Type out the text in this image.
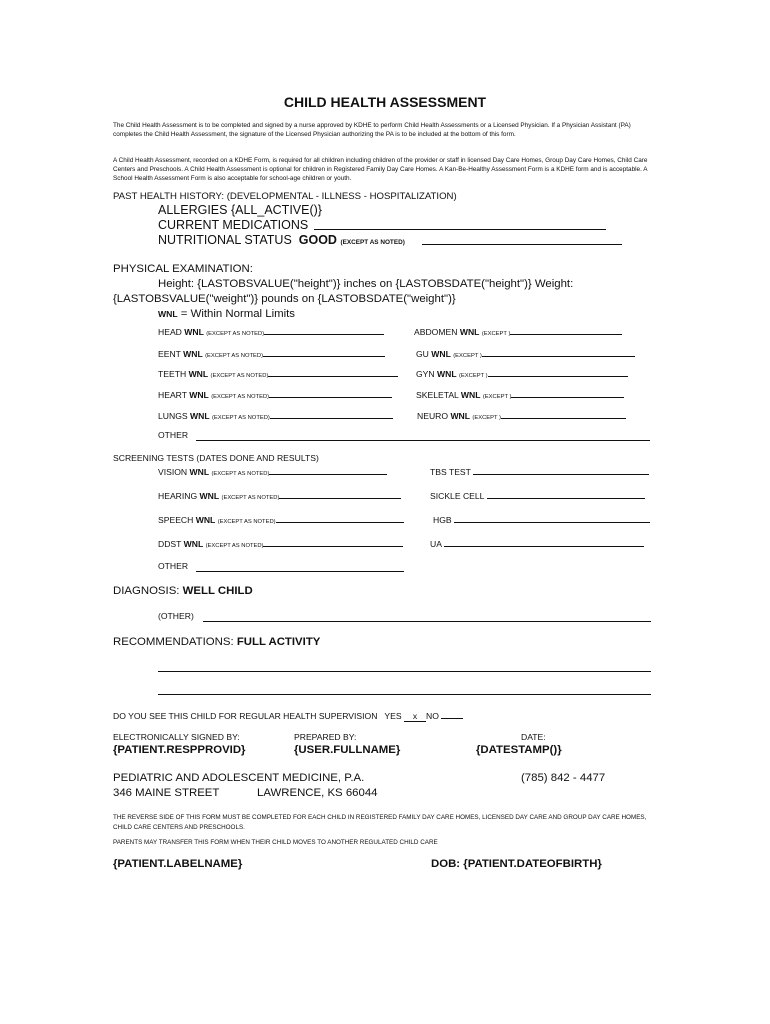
CHILD HEALTH ASSESSMENT
The Child Health Assessment is to be completed and signed by a nurse approved by KDHE to perform Child Health Assessments or a Licensed Physician. If a Physician Assistant (PA) completes the Child Health Assessment, the signature of the Licensed Physician authorizing the PA is to be included at the bottom of this form.
A Child Health Assessment, recorded on a KDHE Form, is required for all children including children of the provider or staff in licensed Day Care Homes, Group Day Care Homes, Child Care Centers and Preschools. A Child Health Assessment is optional for children in Registered Family Day Care Homes. A Kan-Be-Healthy Assessment Form is a KDHE form and is acceptable. A School Health Assessment Form is also acceptable for school-age children or youth.
PAST HEALTH HISTORY: (DEVELOPMENTAL - ILLNESS - HOSPITALIZATION)
ALLERGIES {ALL_ACTIVE()}
CURRENT MEDICATIONS
NUTRITIONAL STATUS GOOD (EXCEPT AS NOTED)
PHYSICAL EXAMINATION:
Height: {LASTOBSVALUE("height")} inches on {LASTOBSDATE("height")} Weight:
{LASTOBSVALUE("weight")} pounds on {LASTOBSDATE("weight")}
WNL = Within Normal Limits
HEAD WNL (EXCEPT AS NOTED)	ABDOMEN WNL (EXCEPT )
EENT WNL (EXCEPT AS NOTED)	GU WNL (EXCEPT )
TEETH WNL (EXCEPT AS NOTED)	GYN WNL (EXCEPT )
HEART WNL (EXCEPT AS NOTED)	SKELETAL WNL (EXCEPT )
LUNGS WNL (EXCEPT AS NOTED)	NEURO WNL (EXCEPT )
OTHER
SCREENING TESTS (DATES DONE AND RESULTS)
VISION WNL (EXCEPT AS NOTED)	TBS TEST
HEARING WNL (EXCEPT AS NOTED)	SICKLE CELL
SPEECH WNL (EXCEPT AS NOTED)	HGB
DDST WNL (EXCEPT AS NOTED)	UA
OTHER
DIAGNOSIS: WELL CHILD
(OTHER)
RECOMMENDATIONS: FULL ACTIVITY
DO YOU SEE THIS CHILD FOR REGULAR HEALTH SUPERVISION YES x NO
ELECTRONICALLY SIGNED BY:	PREPARED BY:	DATE:
{PATIENT.RESPPROVID}	{USER.FULLNAME}	{DATESTAMP()}
PEDIATRIC AND ADOLESCENT MEDICINE, P.A.	(785) 842 - 4477
346 MAINE STREET	LAWRENCE, KS 66044
THE REVERSE SIDE OF THIS FORM MUST BE COMPLETED FOR EACH CHILD IN REGISTERED FAMILY DAY CARE HOMES, LICENSED DAY CARE AND GROUP DAY CARE HOMES, CHILD CARE CENTERS AND PRESCHOOLS.
PARENTS MAY TRANSFER THIS FORM WHEN THEIR CHILD MOVES TO ANOTHER REGULATED CHILD CARE
{PATIENT.LABELNAME}	DOB: {PATIENT.DATEOFBIRTH}
